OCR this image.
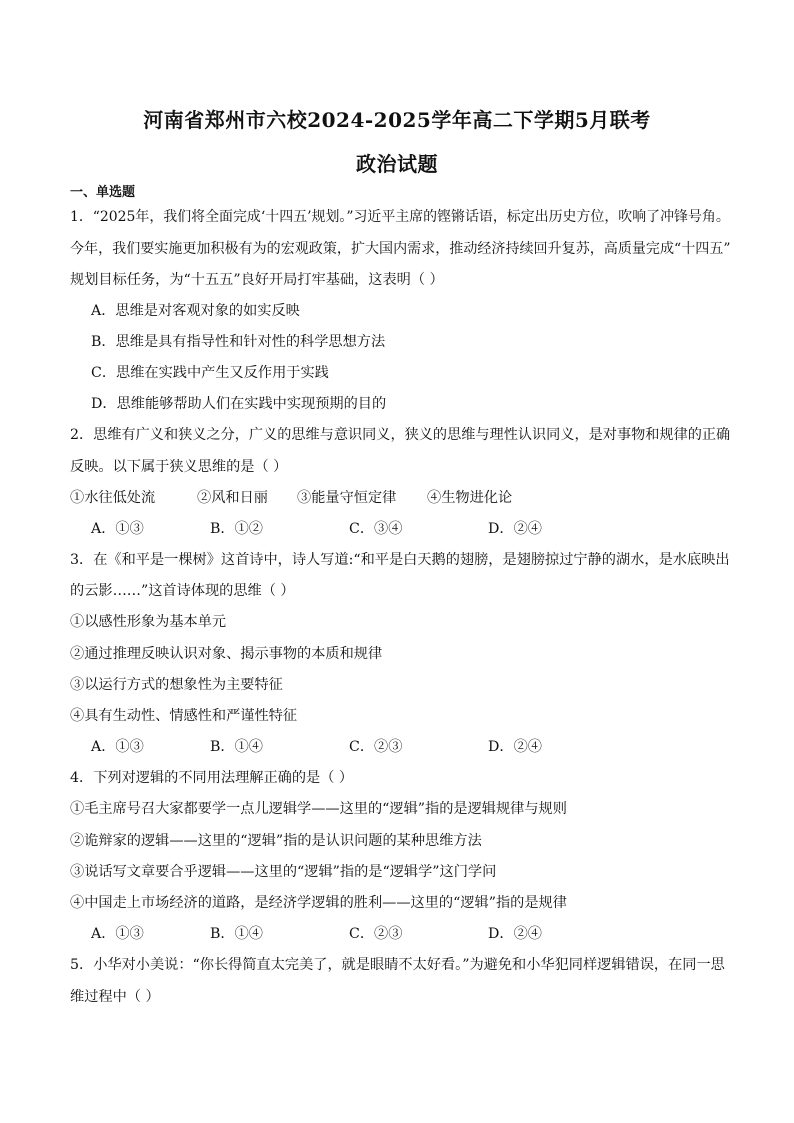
河南省郑州市六校2024-2025学年高二下学期5月联考
政治试题
一、单选题
1．“2025年，我们将全面完成‘十四五’规划。”习近平主席的铿锵话语，标定出历史方位，吹响了冲锋号角。
今年，我们要实施更加积极有为的宏观政策，扩大国内需求，推动经济持续回升复苏，高质量完成“十四五”
规划目标任务，为“十五五”良好开局打牢基础，这表明（ ）
A．思维是对客观对象的如实反映
B．思维是具有指导性和针对性的科学思想方法
C．思维在实践中产生又反作用于实践
D．思维能够帮助人们在实践中实现预期的目的
2．思维有广义和狭义之分，广义的思维与意识同义，狭义的思维与理性认识同义，是对事物和规律的正确
反映。以下属于狭义思维的是（ ）
①水往低处流	②风和日丽 ③能量守恒定律 ④生物进化论
A．①③	B．①②	C．③④	D．②④
3．在《和平是一棵树》这首诗中，诗人写道:“和平是白天鹅的翅膀，是翅膀掠过宁静的湖水，是水底映出
的云影……”这首诗体现的思维（ ）
①以感性形象为基本单元
②通过推理反映认识对象、揭示事物的本质和规律
③以运行方式的想象性为主要特征
④具有生动性、情感性和严谨性特征
A．①③	B．①④	C．②③	D．②④
4．下列对逻辑的不同用法理解正确的是（ ）
①毛主席号召大家都要学一点儿逻辑学——这里的“逻辑”指的是逻辑规律与规则
②诡辩家的逻辑——这里的“逻辑”指的是认识问题的某种思维方法
③说话写文章要合乎逻辑——这里的“逻辑”指的是“逻辑学”这门学问
④中国走上市场经济的道路，是经济学逻辑的胜利——这里的“逻辑”指的是规律
A．①③	B．①④	C．②③	D．②④
5．小华对小美说：“你长得简直太完美了，就是眼睛不太好看。”为避免和小华犯同样逻辑错误，在同一思
维过程中（ ）
